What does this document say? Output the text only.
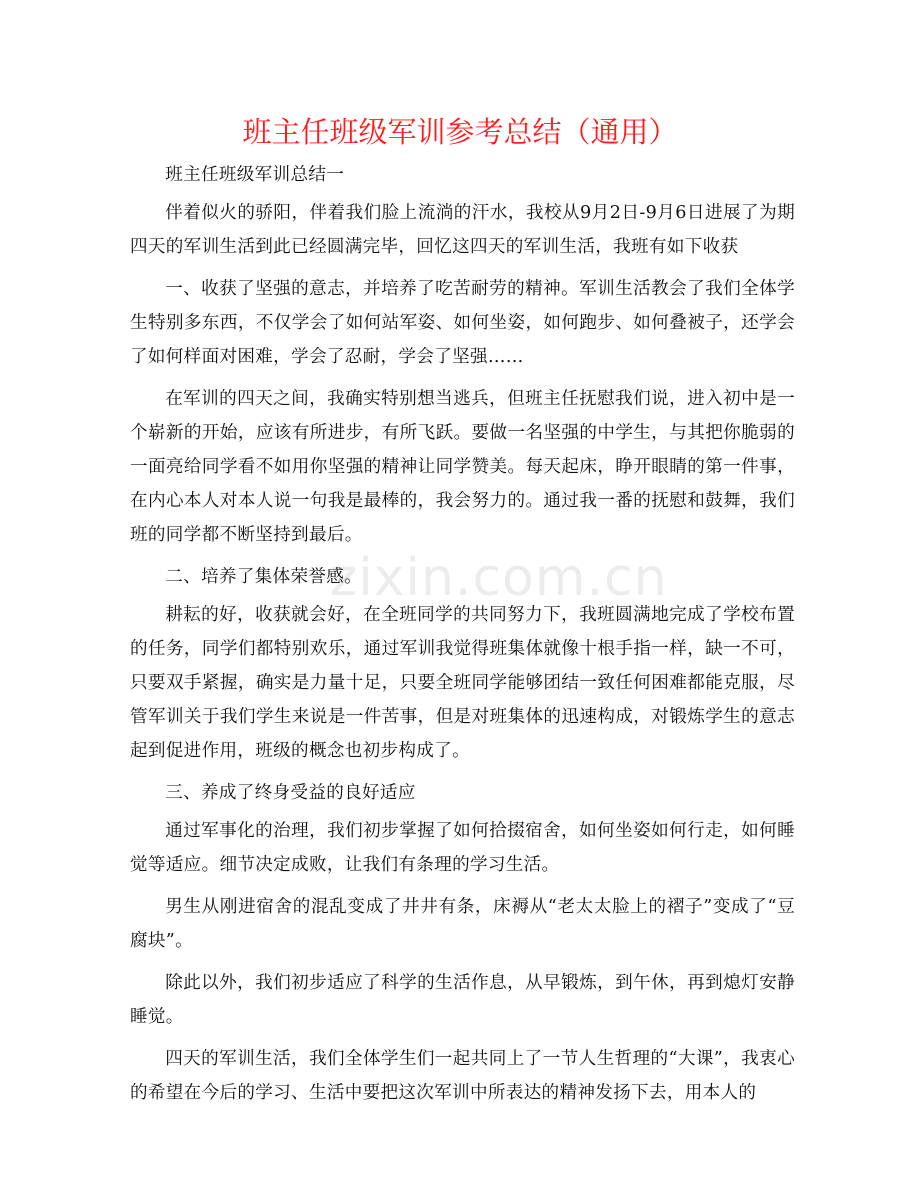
班主任班级军训参考总结（通用）
zixin.com.cn

班主任班级军训总结一

伴着似火的骄阳，伴着我们脸上流淌的汗水，我校从9月2日-9月6日进展了为期四天的军训生活到此已经圆满完毕，回忆这四天的军训生活，我班有如下收获

一、收获了坚强的意志，并培养了吃苦耐劳的精神。军训生活教会了我们全体学生特别多东西，不仅学会了如何站军姿、如何坐姿，如何跑步、如何叠被子，还学会了如何样面对困难，学会了忍耐，学会了坚强……

在军训的四天之间，我确实特别想当逃兵，但班主任抚慰我们说，进入初中是一个崭新的开始，应该有所进步，有所飞跃。要做一名坚强的中学生，与其把你脆弱的一面亮给同学看不如用你坚强的精神让同学赞美。每天起床，睁开眼睛的第一件事，在内心本人对本人说一句我是最棒的，我会努力的。通过我一番的抚慰和鼓舞，我们班的同学都不断坚持到最后。

二、培养了集体荣誉感。

耕耘的好，收获就会好，在全班同学的共同努力下，我班圆满地完成了学校布置的任务，同学们都特别欢乐，通过军训我觉得班集体就像十根手指一样，缺一不可，只要双手紧握，确实是力量十足，只要全班同学能够团结一致任何困难都能克服，尽管军训关于我们学生来说是一件苦事，但是对班集体的迅速构成，对锻炼学生的意志起到促进作用，班级的概念也初步构成了。

三、养成了终身受益的良好适应

通过军事化的治理，我们初步掌握了如何拾掇宿舍，如何坐姿如何行走，如何睡觉等适应。细节决定成败，让我们有条理的学习生活。

男生从刚进宿舍的混乱变成了井井有条，床褥从“老太太脸上的褶子”变成了“豆腐块”。

除此以外，我们初步适应了科学的生活作息，从早锻炼，到午休，再到熄灯安静睡觉。

四天的军训生活，我们全体学生们一起共同上了一节人生哲理的“大课”，我衷心的希望在今后的学习、生活中要把这次军训中所表达的精神发扬下去，用本人的
